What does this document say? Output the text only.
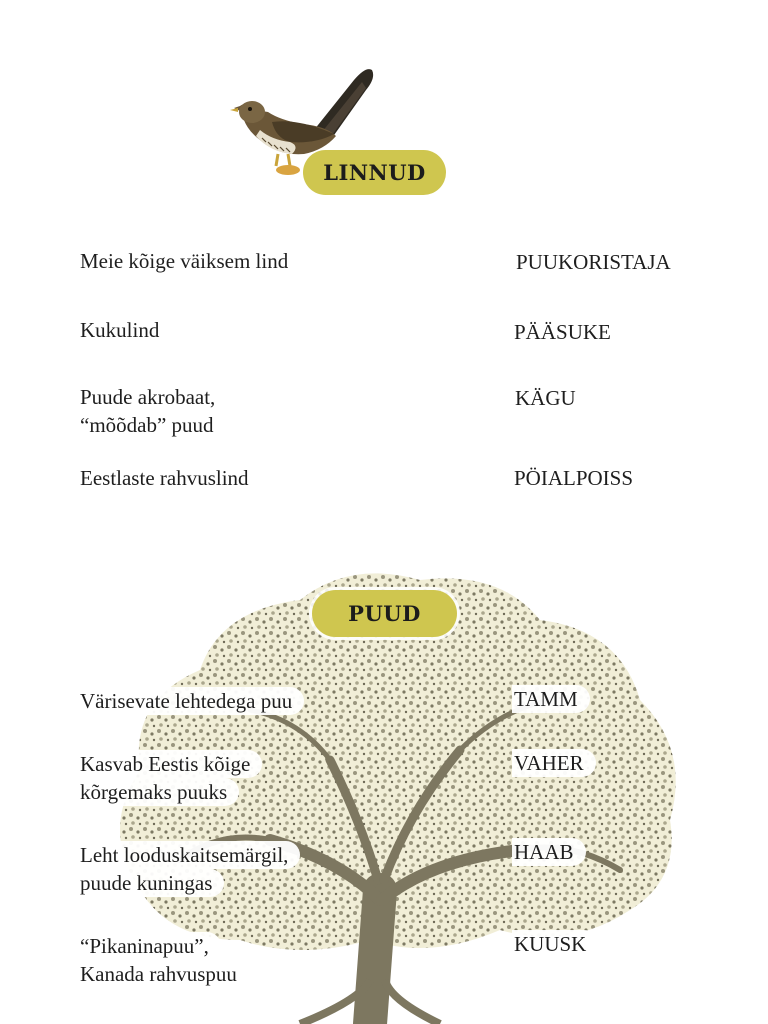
LINNUD
Meie kõige väiksem lind
Kukulind
Puude akrobaat,
“mõõdab” puud
Eestlaste rahvuslind
PUUKORISTAJA
PÄÄSUKE
KÄGU
PÖIALPOISS
PUUD
Värisevate lehtedega puu
Kasvab Eestis kõige
kõrgemaks puuks
Leht looduskaitsemärgil,
puude kuningas
“Pikaninapuu”,
Kanada rahvuspuu
TAMM
VAHER
HAAB
KUUSK
